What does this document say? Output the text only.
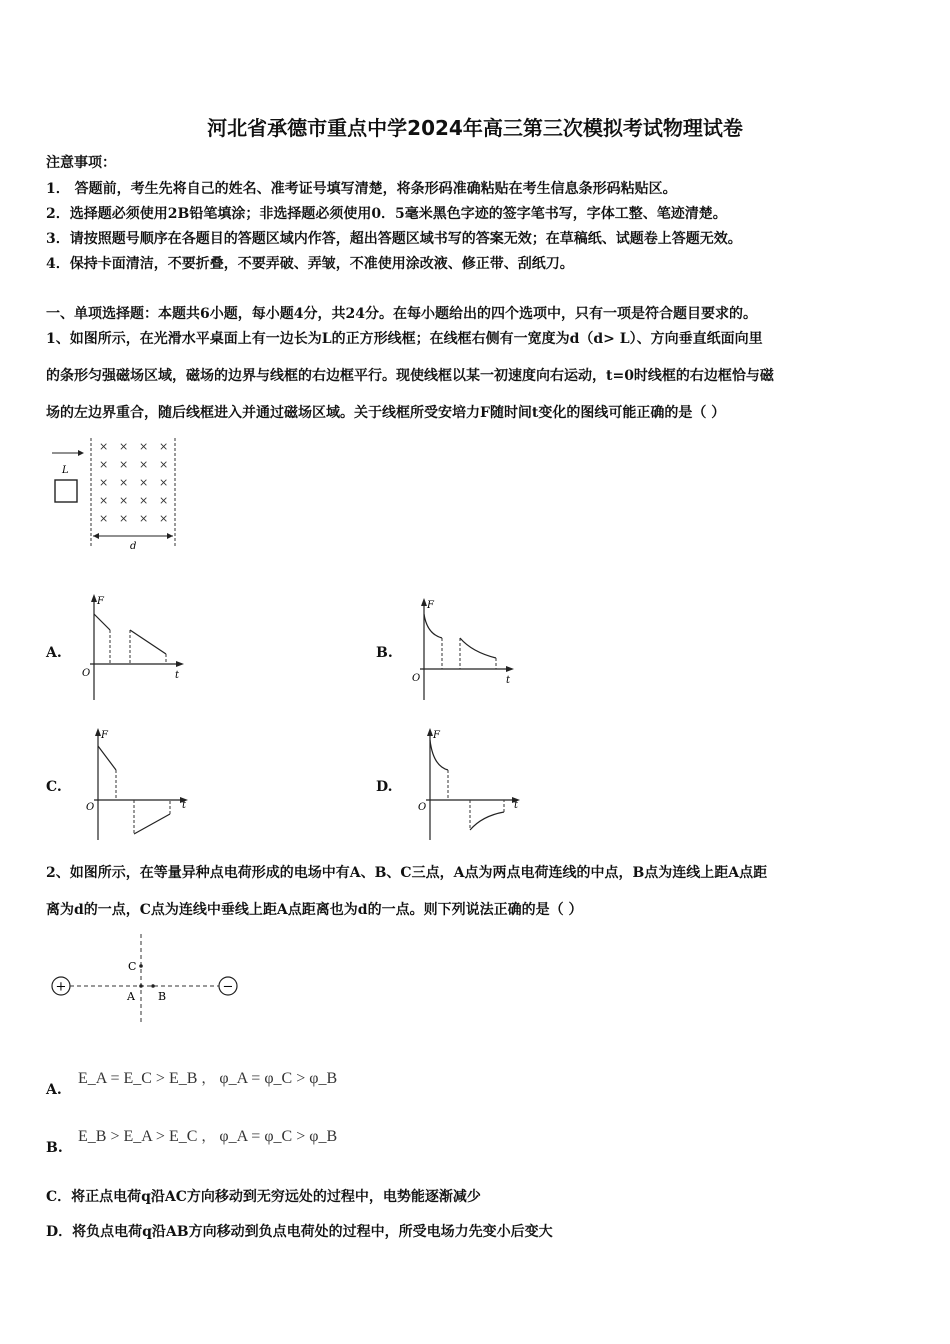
河北省承德市重点中学2024年高三第三次模拟考试物理试卷
注意事项：
1． 答题前，考生先将自己的姓名、准考证号填写清楚，将条形码准确粘贴在考生信息条形码粘贴区。
2．选择题必须使用2B铅笔填涂；非选择题必须使用0．5毫米黑色字迹的签字笔书写，字体工整、笔迹清楚。
3．请按照题号顺序在各题目的答题区域内作答，超出答题区域书写的答案无效；在草稿纸、试题卷上答题无效。
4．保持卡面清洁，不要折叠，不要弄破、弄皱，不准使用涂改液、修正带、刮纸刀。
一、单项选择题：本题共6小题，每小题4分，共24分。在每小题给出的四个选项中，只有一项是符合题目要求的。
1、如图所示，在光滑水平桌面上有一边长为L的正方形线框；在线框右侧有一宽度为d（d> L）、方向垂直纸面向里
的条形匀强磁场区域，磁场的边界与线框的右边框平行。现使线框以某一初速度向右运动，t=0时线框的右边框恰与磁
场的左边界重合，随后线框进入并通过磁场区域。关于线框所受安培力F随时间t变化的图线可能正确的是（ ）
L
× × × ×
× × × ×
× × × ×
× × × ×
× × × ×
d
A.
F
O	t
B.
F
O	t
C.
F
O	t
D.
F
O	t
2、如图所示，在等量异种点电荷形成的电场中有A、B、C三点，A点为两点电荷连线的中点，B点为连线上距A点距
离为d的一点，C点为连线中垂线上距A点距离也为d的一点。则下列说法正确的是（ ）
+	−
C
A B
A.
E_A = E_C > E_B ， φ_A = φ_C > φ_B
B.
E_B > E_A > E_C ， φ_A = φ_C > φ_B
C．将正点电荷q沿AC方向移动到无穷远处的过程中，电势能逐渐减少
D．将负点电荷q沿AB方向移动到负点电荷处的过程中，所受电场力先变小后变大
